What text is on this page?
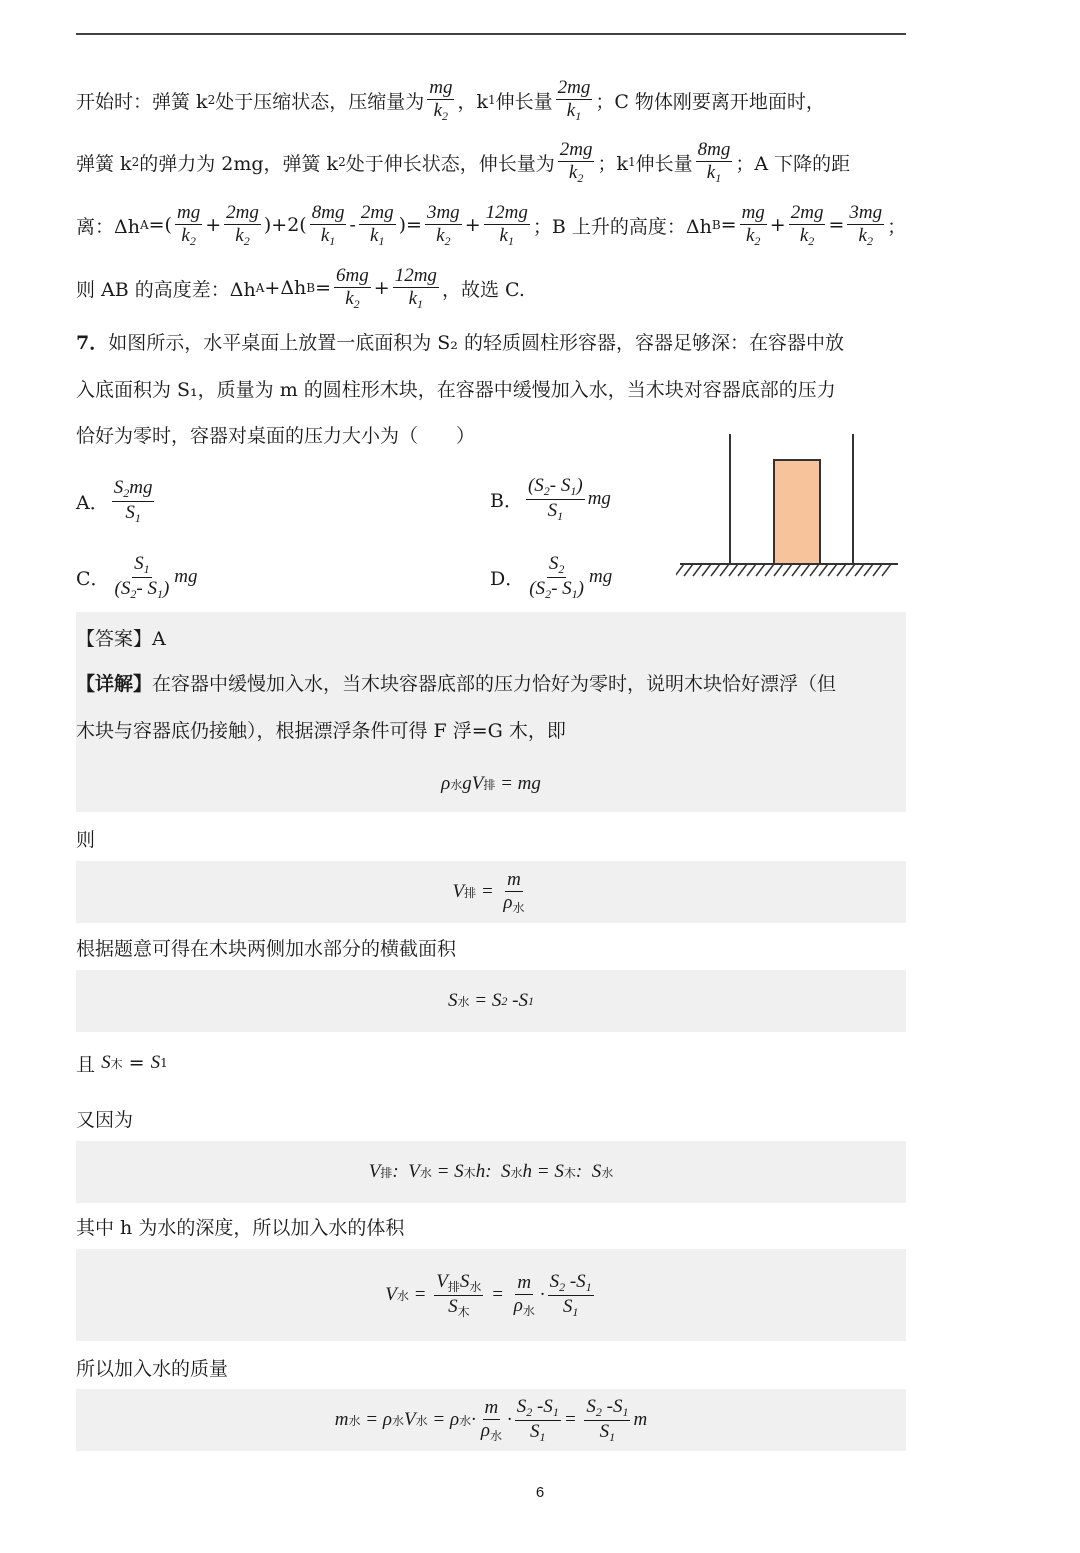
开始时：弹簧 k 2 处于压缩状态，压缩量为 $\frac{mg}{k_2}$ ，k 1 伸长量 $\frac{2mg}{k_1}$ ；C 物体刚要离开地面时，
弹簧 k 2 的弹力为 2mg，弹簧 k 2 处于伸长状态，伸长量为 $\frac{2mg}{k_2}$ ；k 1 伸长量 $\frac{8mg}{k_1}$ ；A 下降的距
离：Δh A =( $\frac{mg}{k_2} + \frac{2mg}{k_2} )+2( \frac{8mg}{k_1} - \frac{2mg}{k_1}$ )= $\frac{3mg}{k_2} + \frac{12mg}{k_1}$ ；B 上升的高度：Δh $B = \frac{mg}{k_2} + \frac{2mg}{k_2} = \frac{3mg}{k_2}$ ；
则 AB 的高度差：Δh A +Δh $B = \frac{6mg}{k_2} + \frac{12mg}{k_1}$ ，故选 C.
7． 如图所示，水平桌面上放置一底面积为 S₂ 的轻质圆柱形容器，容器足够深：在容器中放
入底面积为 S₁，质量为 m 的圆柱形木块，在容器中缓慢加入水，当木块对容器底部的压力
恰好为零时，容器对桌面的压力大小为（　　）
A． $\frac{S_2mg}{S_1}$	B． $\frac{(S_2- S_1)}{S_1}$ mg
C． $\frac{S_1}{(S_2- S_1)}$ mg	D． $\frac{S_2}{(S_2- S_1)}$ mg
【答案】A
【详解】 在容器中缓慢加入水，当木块容器底部的压力恰好为零时，说明木块恰好漂浮（但
木块与容器底仍接触），根据漂浮条件可得 F 浮=G 木，即
ρ 水 gV 排 = mg
则
V 排 = $\frac{m}{\rho_水}$
根据题意可得在木块两侧加水部分的横截面积
S 水 = S 2 -S 1
且
S 木 = S 1
又因为
V 排 :  V 水 = S 木 h:  S 水 h = S 木 :  S 水
其中 h 为水的深度，所以加入水的体积
V 水 = $\frac{V_排S_水}{S_木} = \frac{m}{\rho_水} \cdot \frac{S_2 -S_1}{S_1}$
所以加入水的质量
m 水 = ρ 水 V 水 = ρ 水 · $\frac{m}{\rho_水} \cdot \frac{S_2 -S_1}{S_1} = \frac{S_2 -S_1}{S_1}$ m
6
